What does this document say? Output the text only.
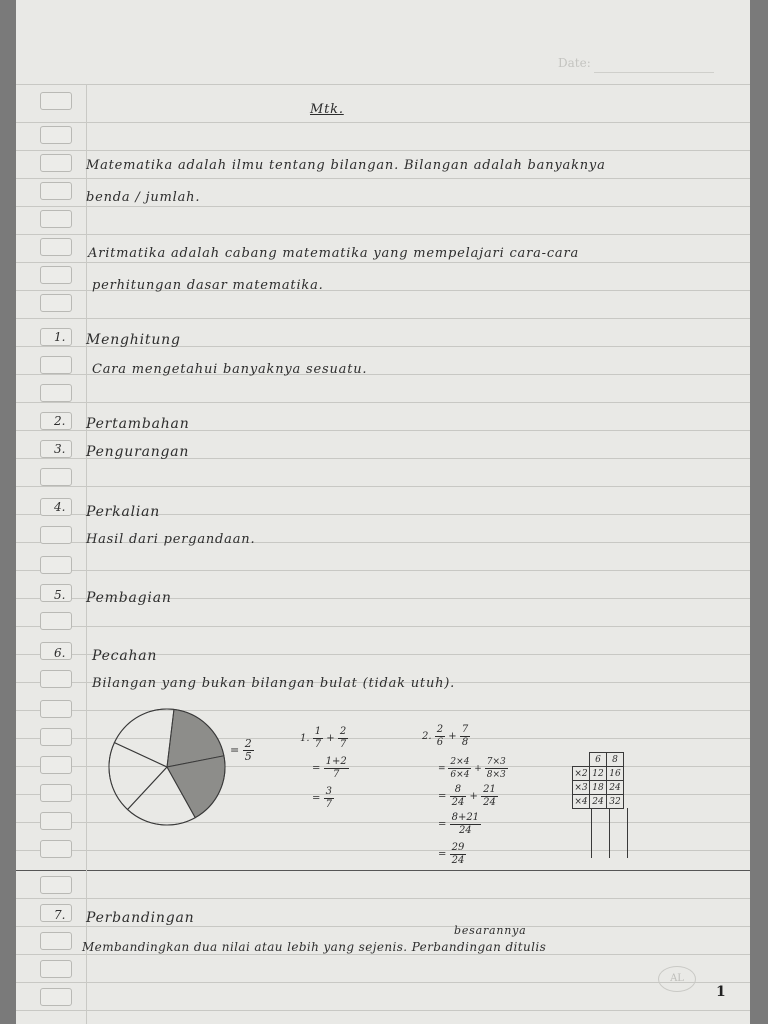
Date:
Mtk.
Matematika adalah ilmu tentang bilangan. Bilangan adalah banyaknya
benda / jumlah.
Aritmatika adalah cabang matematika yang mempelajari cara-cara
perhitungan dasar matematika.
1. Menghitung
Cara mengetahui banyaknya sesuatu.
2. Pertambahan
3. Pengurangan
4. Perkalian
Hasil dari pergandaan.
5. Pembagian
6. Pecahan
Bilangan yang bukan bilangan bulat (tidak utuh).
= $\frac{2}{5}$	1. $\frac{1}{7} + \frac{2}{7}$
= $\frac{1+2}{7}$
= $\frac{3}{7}$
2. $\frac{2}{6} + \frac{7}{8}$
= $\frac{2\times 4}{6\times 4} + \frac{7\times 3}{8\times 3}$
= $\frac{8}{24} + \frac{21}{24}$
= $\frac{8+21}{24}$
= $\frac{29}{24}$
	6	8
×2	12	16
×3	18	24
×4	24	32
7. Perbandingan
besarannya
Membandingkan dua nilai atau lebih yang sejenis. Perbandingan ditulis
AL
1
